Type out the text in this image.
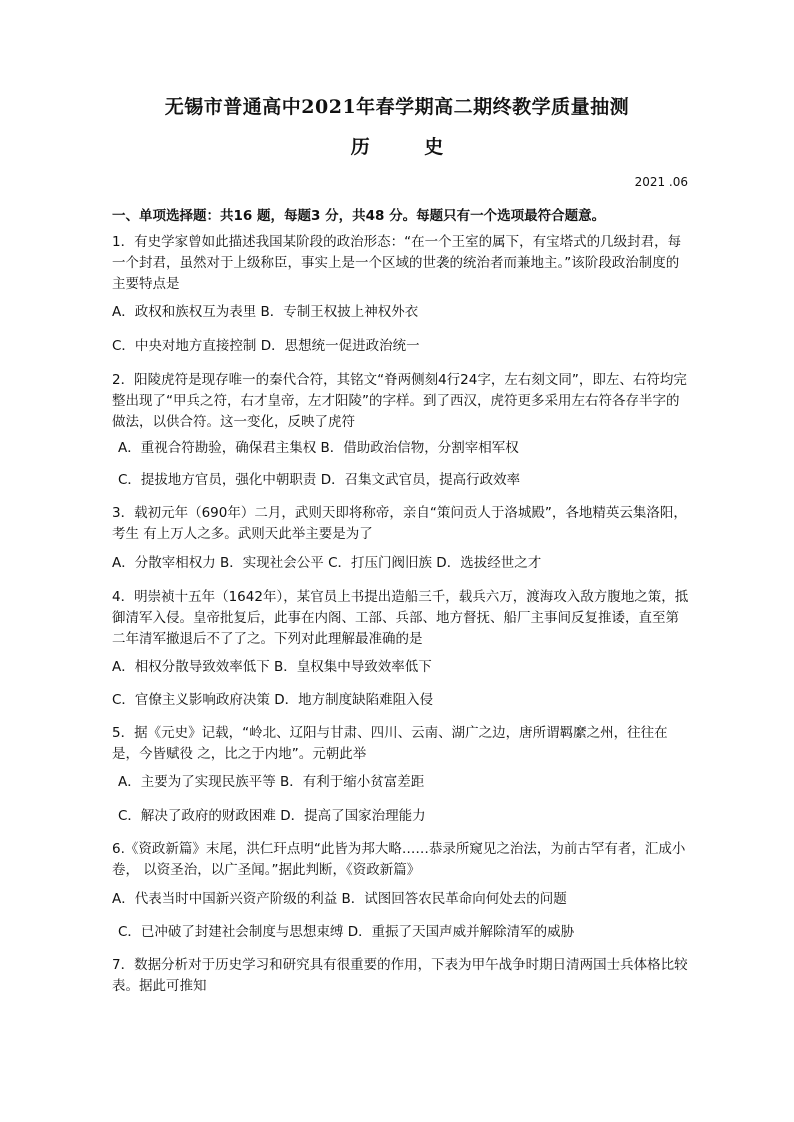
无锡市普通高中2021年春学期高二期终教学质量抽测
历 史
2021 .06
一、单项选择题：共16 题，每题3 分，共48 分。每题只有一个选项最符合题意。

1．有史学家曾如此描述我国某阶段的政治形态：“在一个王室的属下，有宝塔式的几级封君，每一个封君，虽然对于上级称臣，事实上是一个区域的世袭的统治者而兼地主。”该阶段政治制度的 主要特点是

A．政权和族权互为表里 B．专制王权披上神权外衣
C．中央对地方直接控制 D．思想统一促进政治统一

2．阳陵虎符是现存唯一的秦代合符，其铭文“脊两侧刻4行24字，左右刻文同”，即左、右符均完整出现了“甲兵之符，右才皇帝，左才阳陵”的字样。到了西汉，虎符更多采用左右符各存半字的做法，以供合符。这一变化，反映了虎符

A．重视合符勘验，确保君主集权 B．借助政治信物，分割宰相军权
C．提拔地方官员，强化中朝职责 D．召集文武官员，提高行政效率

3．载初元年（690年）二月，武则天即将称帝，亲自“策问贡人于洛城殿”，各地精英云集洛阳，考生 有上万人之多。武则天此举主要是为了

A．分散宰相权力 B．实现社会公平 C．打压门阀旧族 D．选拔经世之才

4．明崇祯十五年（1642年），某官员上书提出造船三千，载兵六万，渡海攻入敌方腹地之策，抵御清军入侵。皇帝批复后，此事在内阁、工部、兵部、地方督抚、船厂主事间反复推诿，直至第二年清军撤退后不了了之。下列对此理解最准确的是

A．相权分散导致效率低下 B．皇权集中导致效率低下
C．官僚主义影响政府决策 D．地方制度缺陷难阻入侵

5．据《元史》记载，“岭北、辽阳与甘肃、四川、云南、湖广之边，唐所谓羁縻之州，往往在是，今皆赋役 之，比之于内地”。元朝此举

A．主要为了实现民族平等 B．有利于缩小贫富差距
C．解决了政府的财政困难 D．提高了国家治理能力

6.《资政新篇》末尾，洪仁玕点明“此皆为邦大略……恭录所窥见之治法，为前古罕有者，汇成小卷， 以资圣治，以广圣闻。”据此判断，《资政新篇》

A．代表当时中国新兴资产阶级的利益 B．试图回答农民革命向何处去的问题
C．已冲破了封建社会制度与思想束缚 D．重振了天国声威并解除清军的威胁

7．数据分析对于历史学习和研究具有很重要的作用，下表为甲午战争时期日清两国士兵体格比较 表。据此可推知
